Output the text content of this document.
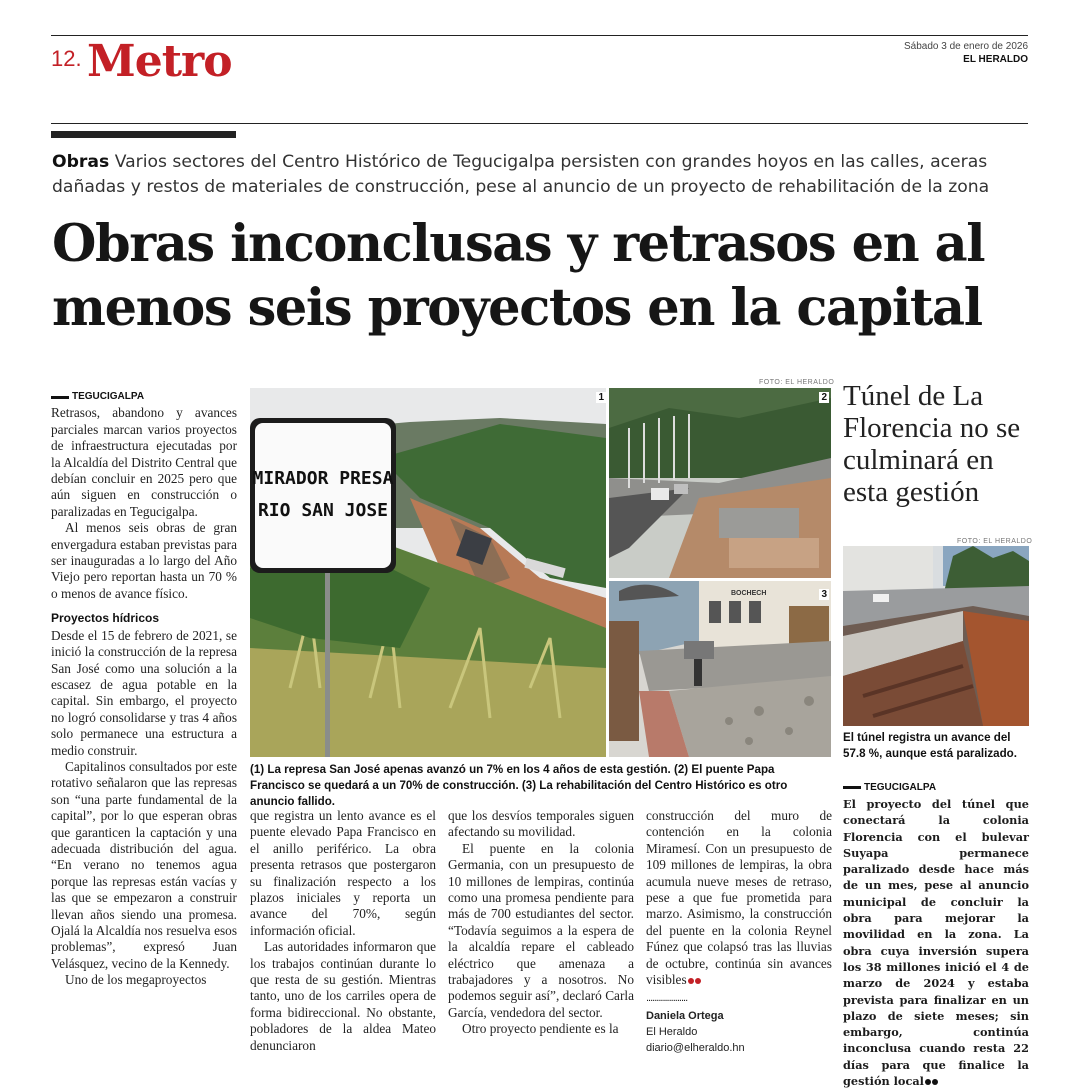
12. Metro	Sábado 3 de enero de 2026
EL HERALDO
Obras Varios sectores del Centro Histórico de Tegucigalpa persisten con grandes hoyos en las calles, aceras dañadas y restos de materiales de construcción, pese al anuncio de un proyecto de rehabilitación de la zona
Obras inconclusas y retrasos en al menos seis proyectos en la capital
TEGUCIGALPA

Retrasos, abandono y avances parciales marcan varios proyectos de infraestructura ejecutadas por la Alcaldía del Distrito Central que debían concluir en 2025 pero que aún siguen en construcción o paralizadas en Tegucigalpa.

Al menos seis obras de gran envergadura estaban previstas para ser inauguradas a lo largo del Año Viejo pero reportan hasta un 70 % o menos de avance físico.

Proyectos hídricos

Desde el 15 de febrero de 2021, se inició la construcción de la represa San José como una solución a la escasez de agua potable en la capital. Sin embargo, el proyecto no logró consolidarse y tras 4 años solo permanece una estructura a medio construir.

Capitalinos consultados por este rotativo señalaron que las represas son “una parte fundamental de la capital”, por lo que esperan obras que garanticen la captación y una adecuada distribución del agua. “En verano no tenemos agua porque las represas están vacías y las que se empezaron a construir llevan años siendo una promesa. Ojalá la Alcaldía nos resuelva esos problemas”, expresó Juan Velásquez, vecino de la Kennedy.

Uno de los megaproyectos

FOTO: EL HERALDO
MIRADOR PRESA
RIO SAN JOSE
1	2
BOCHECH	3
(1) La represa San José apenas avanzó un 7% en los 4 años de esta gestión. (2) El puente Papa Francisco se quedará a un 70% de construcción. (3) La rehabilitación del Centro Histórico es otro anuncio fallido.

que registra un lento avance es el puente elevado Papa Francisco en el anillo periférico. La obra presenta retrasos que postergaron su finalización respecto a los plazos iniciales y reporta un avance del 70%, según información oficial.

Las autoridades informaron que los trabajos continúan durante lo que resta de su gestión. Mientras tanto, uno de los carriles opera de forma bidireccional. No obstante, pobladores de la aldea Mateo denunciaron

que los desvíos temporales siguen afectando su movilidad.

El puente en la colonia Germania, con un presupuesto de 10 millones de lempiras, continúa como una promesa pendiente para más de 700 estudiantes del sector. “Todavía seguimos a la espera de la alcaldía repare el cableado eléctrico que amenaza a trabajadores y a nosotros. No podemos seguir así”, declaró Carla García, vendedora del sector.

Otro proyecto pendiente es la

construcción del muro de contención en la colonia Miramesí. Con un presupuesto de 109 millones de lempiras, la obra acumula nueve meses de retraso, pese a que fue prometida para marzo. Asimismo, la construcción del puente en la colonia Reynel Fúnez que colapsó tras las lluvias de octubre, continúa sin avances visibles

....................
Daniela Ortega
El Heraldo
diario@elheraldo.hn
Túnel de La Florencia no se culminará en esta gestión
FOTO: EL HERALDO
El túnel registra un avance del 57.8 %, aunque está paralizado.
TEGUCIGALPA
El proyecto del túnel que conectará la colonia Florencia con el bulevar Suyapa permanece paralizado desde hace más de un mes, pese al anuncio municipal de concluir la obra para mejorar la movilidad en la zona. La obra cuya inversión supera los 38 millones inició el 4 de marzo de 2024 y estaba prevista para finalizar en un plazo de siete meses; sin embargo, continúa inconclusa cuando resta 22 días para que finalice la gestión local
